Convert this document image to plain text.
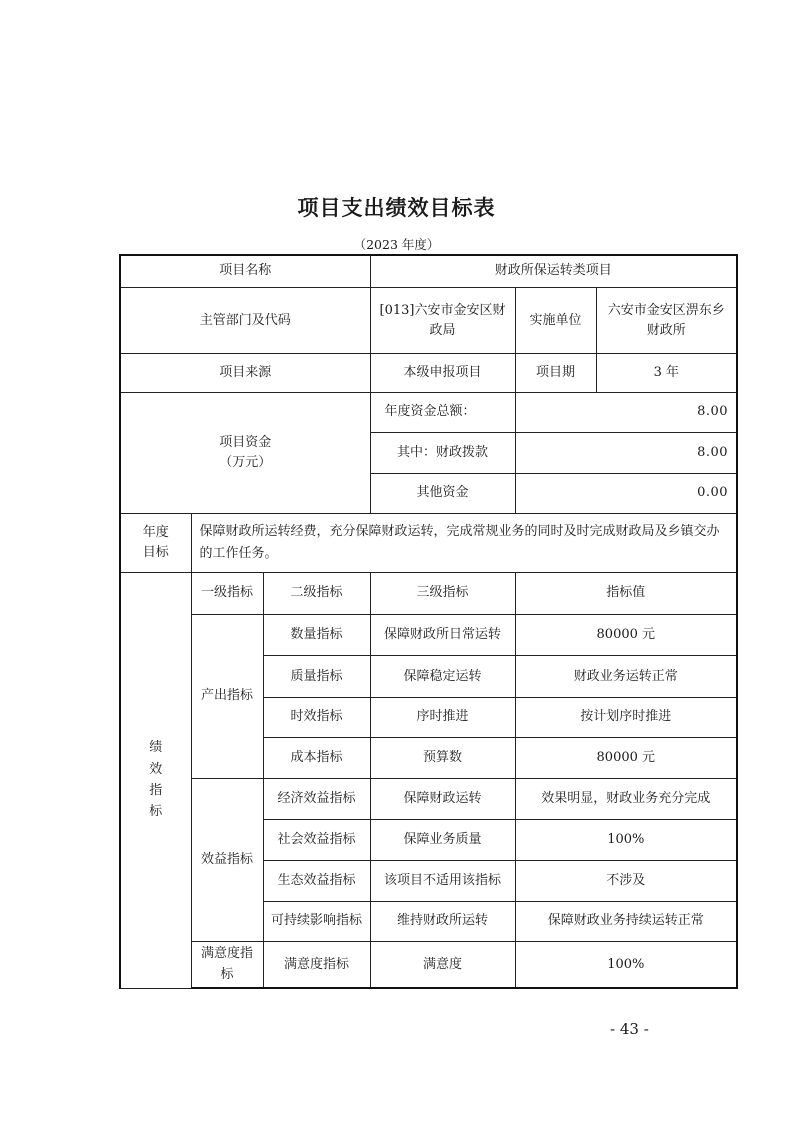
项目支出绩效目标表

（2023 年度）

项目名称			财政所保运转类项目		
主管部门及代码			[013]六安市金安区财政局	实施单位	六安市金安区淠东乡财政所
项目来源			本级申报项目	项目期	3 年
项目资金
（万元）			年度资金总额：	8.00	
			其中：财政拨款	8.00	
			其他资金	0.00	
年度
目标	保障财政所运转经费，充分保障财政运转，完成常规业务的同时及时完成财政局及乡镇交办的工作任务。				
绩
效
指
标	一级指标	二级指标	三级指标	指标值	
	产出指标	数量指标	保障财政所日常运转	80000 元	
		质量指标	保障稳定运转	财政业务运转正常	
		时效指标	序时推进	按计划序时推进	
		成本指标	预算数	80000 元	
	效益指标	经济效益指标	保障财政运转	效果明显，财政业务充分完成	
		社会效益指标	保障业务质量	100%	
		生态效益指标	该项目不适用该指标	不涉及	
		可持续影响指标	维持财政所运转	保障财政业务持续运转正常	
	满意度指标	满意度指标	满意度	100%	
- 43 -
